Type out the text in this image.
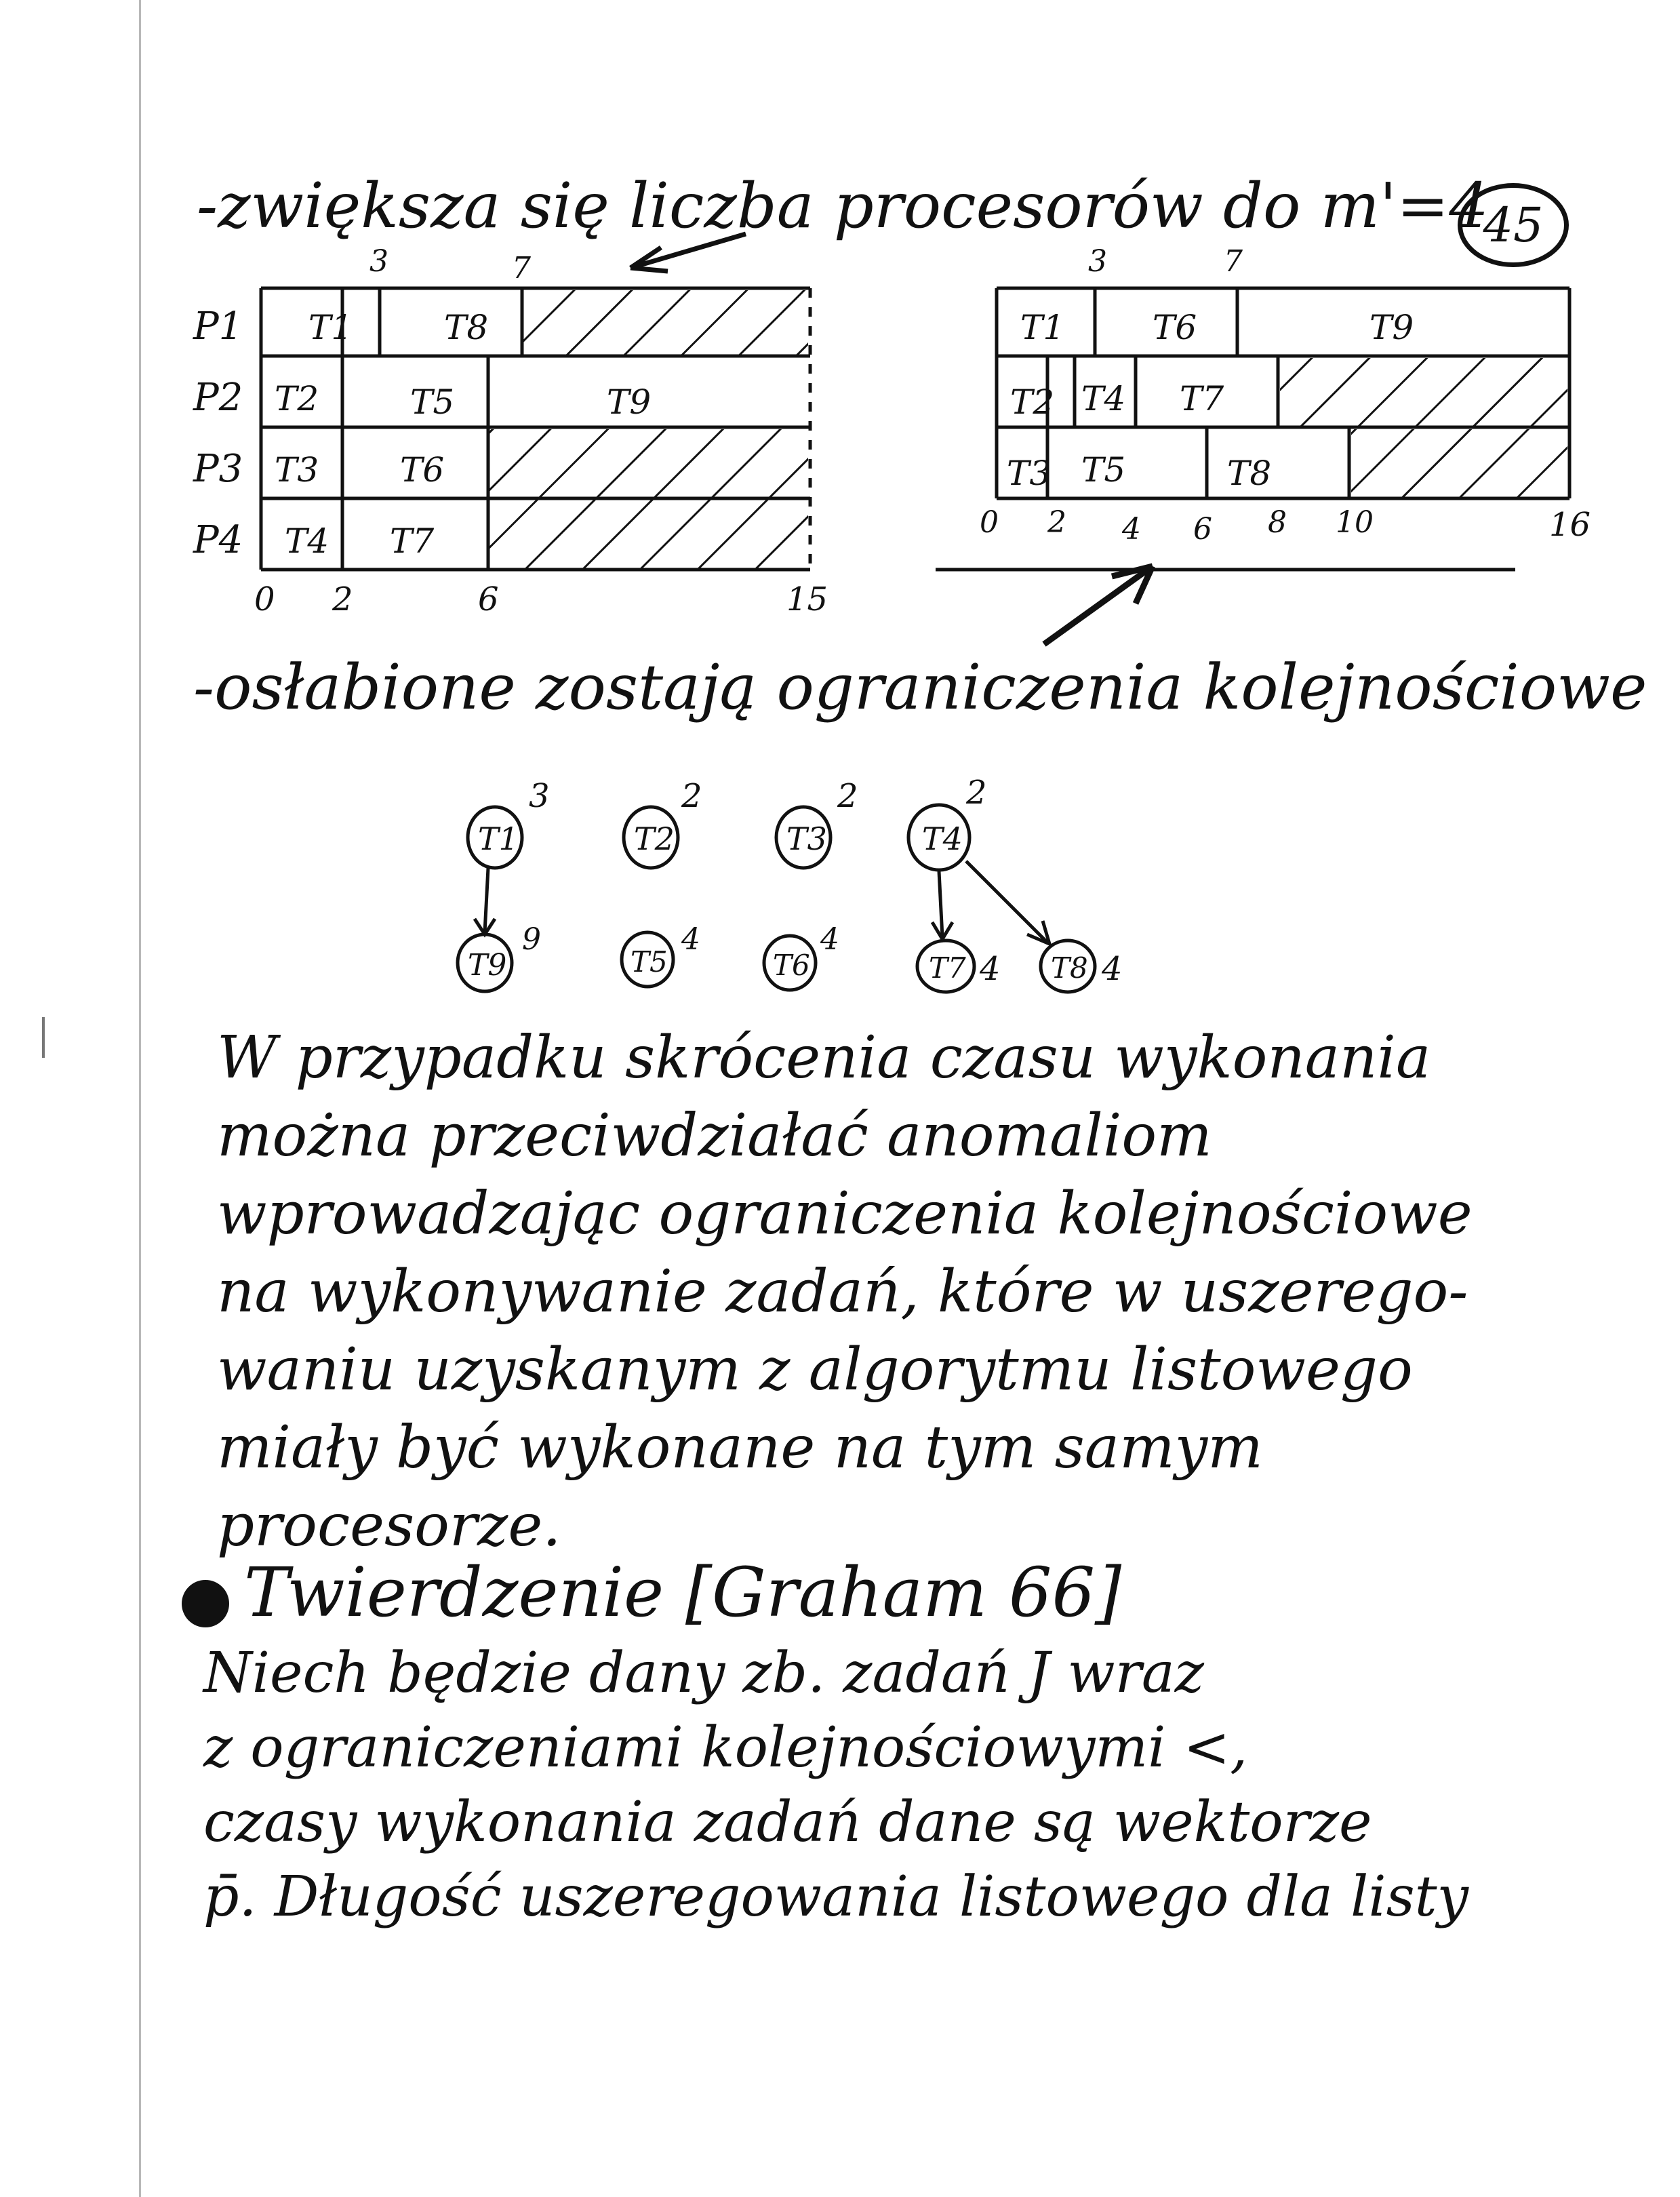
-zwiększa się liczba procesorów do m'=4
45
3	7
P1
P2
P3
P4
T1	T8
T2	T5	T9
T3 T6
T4 T7
0 2	6	15
3	7
T1	T6	T9
T2 T4 T7
T3 T5	T8
0 2 4 6 8 10	16
-osłabione zostają ograniczenia kolejnościowe
T1
3
T2
2
T3
2
T4
2
T9
9
T5
4
T6
4
T7 4 T8 4
W przypadku skrócenia czasu wykonania
można przeciwdziałać anomaliom
wprowadzając ograniczenia kolejnościowe
na wykonywanie zadań, które w uszerego-
waniu uzyskanym z algorytmu listowego
miały być wykonane na tym samym
procesorze.
Twierdzenie [Graham 66]
Niech będzie dany zb. zadań J wraz
z ograniczeniami kolejnościowymi <,
czasy wykonania zadań dane są wektorze
p̄. Długość uszeregowania listowego dla listy
